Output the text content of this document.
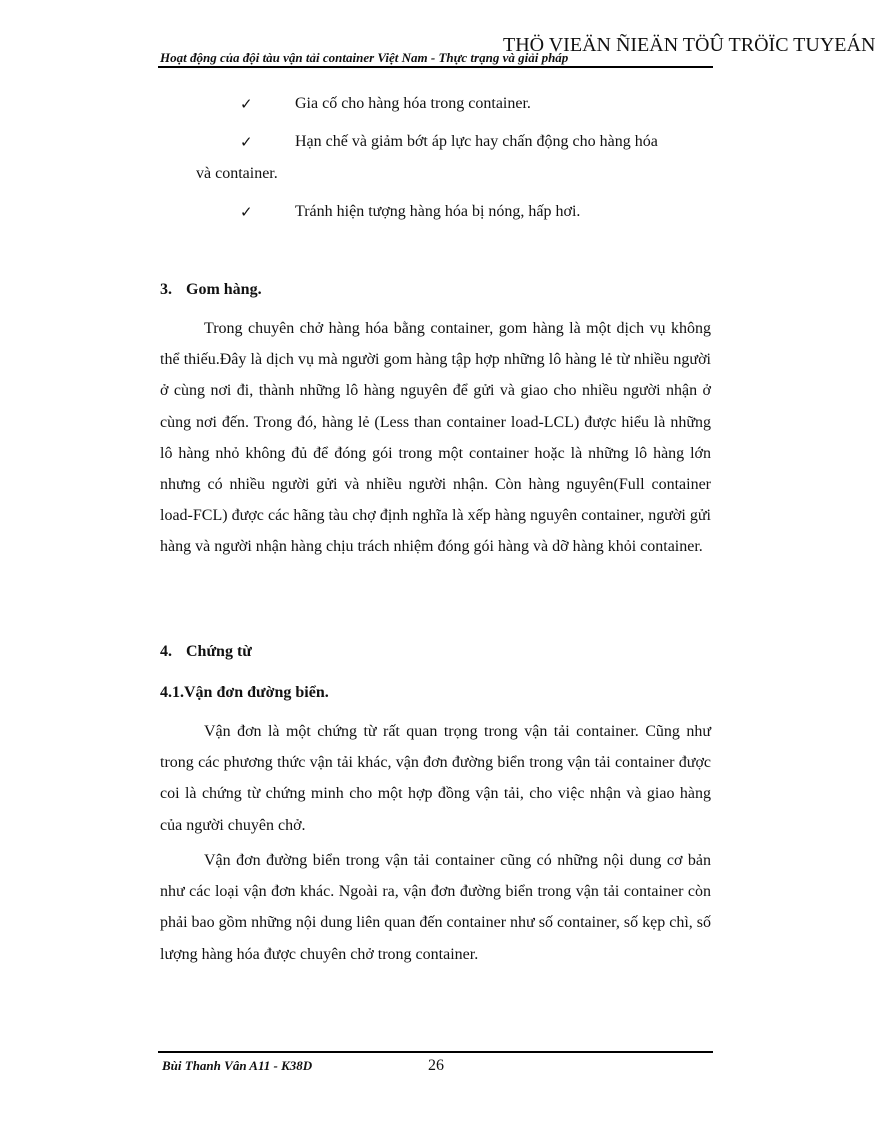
THÖ VIEÄN ÑIEÄN TÖÛ TRÖÏC TUYEÁN
Hoạt động của đội tàu vận tải container Việt Nam - Thực trạng và giải pháp
✓	Gia cố cho hàng hóa trong container.
✓	Hạn chế và giảm bớt áp lực hay chấn động cho hàng hóa
và container.
✓	Tránh hiện tượng hàng hóa bị nóng, hấp hơi.
3. Gom hàng.

Trong chuyên chở hàng hóa bằng container, gom hàng là một dịch vụ không thể thiếu.Đây là dịch vụ mà người gom hàng tập hợp những lô hàng lẻ từ nhiều người ở cùng nơi đi, thành những lô hàng nguyên để gửi và giao cho nhiều người nhận ở cùng nơi đến. Trong đó, hàng lẻ (Less than container load-LCL) được hiểu là những lô hàng nhỏ không đủ để đóng gói trong một container hoặc là những lô hàng lớn nhưng có nhiều người gửi và nhiều người nhận. Còn hàng nguyên(Full container load-FCL) được các hãng tàu chợ định nghĩa là xếp hàng nguyên container, người gửi hàng và người nhận hàng chịu trách nhiệm đóng gói hàng và dỡ hàng khỏi container.

4. Chứng từ
4.1.Vận đơn đường biển.

Vận đơn là một chứng từ rất quan trọng trong vận tải container. Cũng như trong các phương thức vận tải khác, vận đơn đường biển trong vận tải container được coi là chứng từ chứng minh cho một hợp đồng vận tải, cho việc nhận và giao hàng của người chuyên chở.

Vận đơn đường biển trong vận tải container cũng có những nội dung cơ bản như các loại vận đơn khác. Ngoài ra, vận đơn đường biển trong vận tải container còn phải bao gồm những nội dung liên quan đến container như số container, số kẹp chì, số lượng hàng hóa được chuyên chở trong container.

Bùi Thanh Vân A11 - K38D	26
